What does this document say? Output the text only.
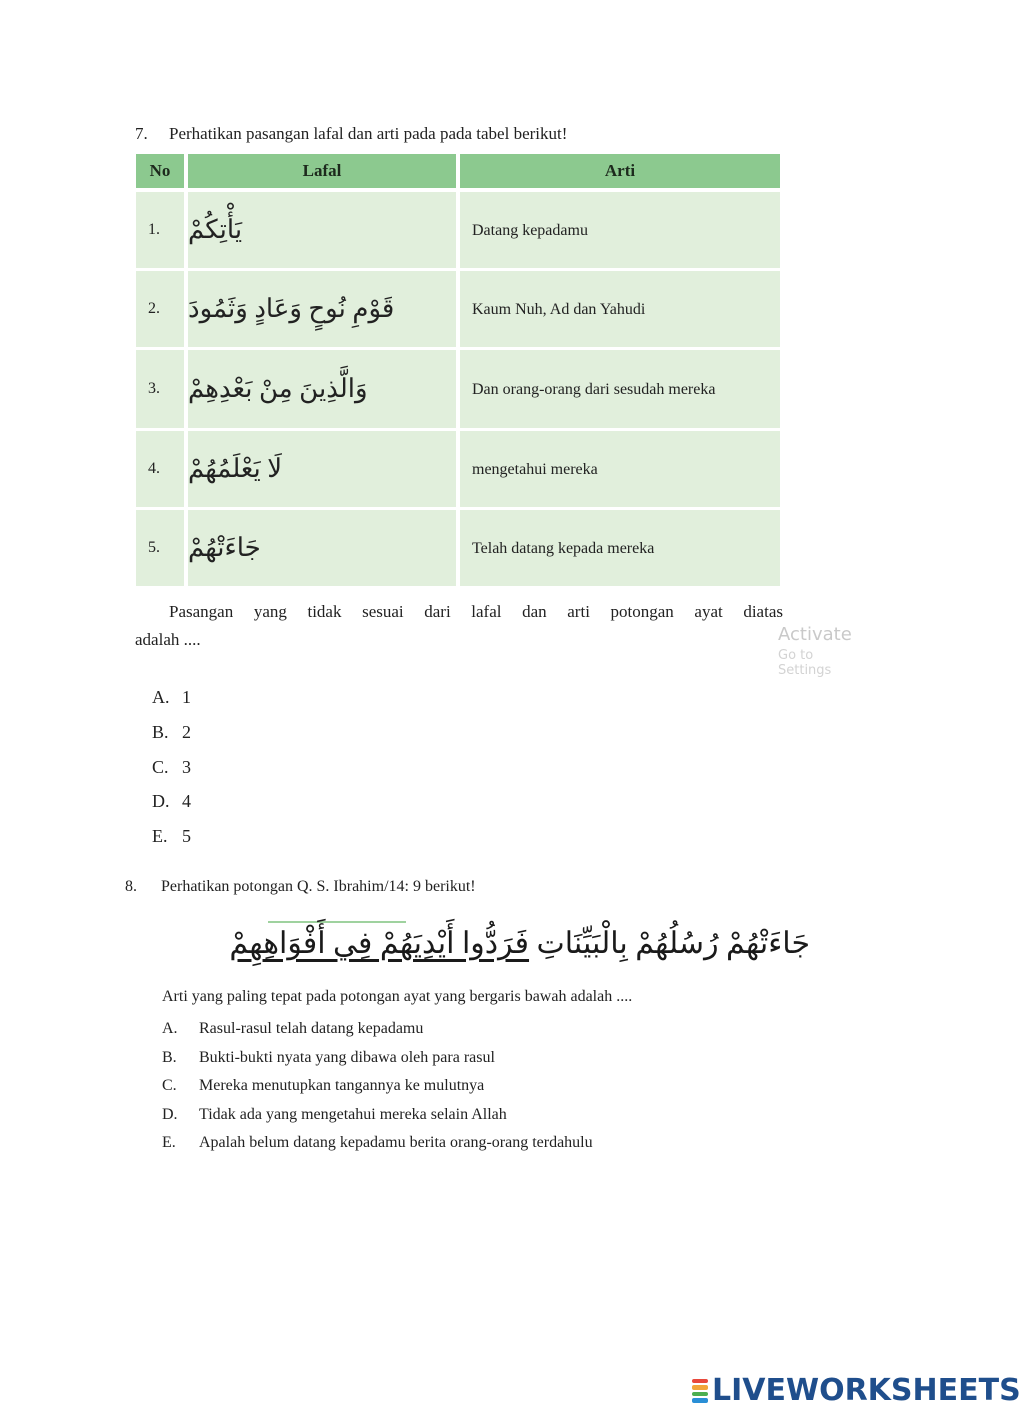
7. Perhatikan pasangan lafal dan arti pada pada tabel berikut!
No	Lafal	Arti
1.	يَأْتِكُمْ	Datang kepadamu
2.	قَوْمِ نُوحٍ وَعَادٍ وَثَمُودَ	Kaum Nuh, Ad dan Yahudi
3.	وَالَّذِينَ مِنْ بَعْدِهِمْ	Dan orang-orang dari sesudah mereka
4.	لَا يَعْلَمُهُمْ	mengetahui mereka
5.	جَاءَتْهُمْ	Telah datang kepada mereka
Pasangan yang tidak sesuai dari lafal dan arti potongan ayat diatas
adalah ....	Activate
Go to Settings
A. 1
B. 2
C. 3
D. 4
E. 5
8. Perhatikan potongan Q. S. Ibrahim/14: 9 berikut!
جَاءَتْهُمْ رُسُلُهُمْ بِالْبَيِّنَاتِ فَرَدُّوا أَيْدِيَهُمْ فِي أَفْوَاهِهِمْ
Arti yang paling tepat pada potongan ayat yang bergaris bawah adalah ....
A. Rasul-rasul telah datang kepadamu
B. Bukti-bukti nyata yang dibawa oleh para rasul
C. Mereka menutupkan tangannya ke mulutnya
D. Tidak ada yang mengetahui mereka selain Allah
E. Apalah belum datang kepadamu berita orang-orang terdahulu
LIVEWORKSHEETS
